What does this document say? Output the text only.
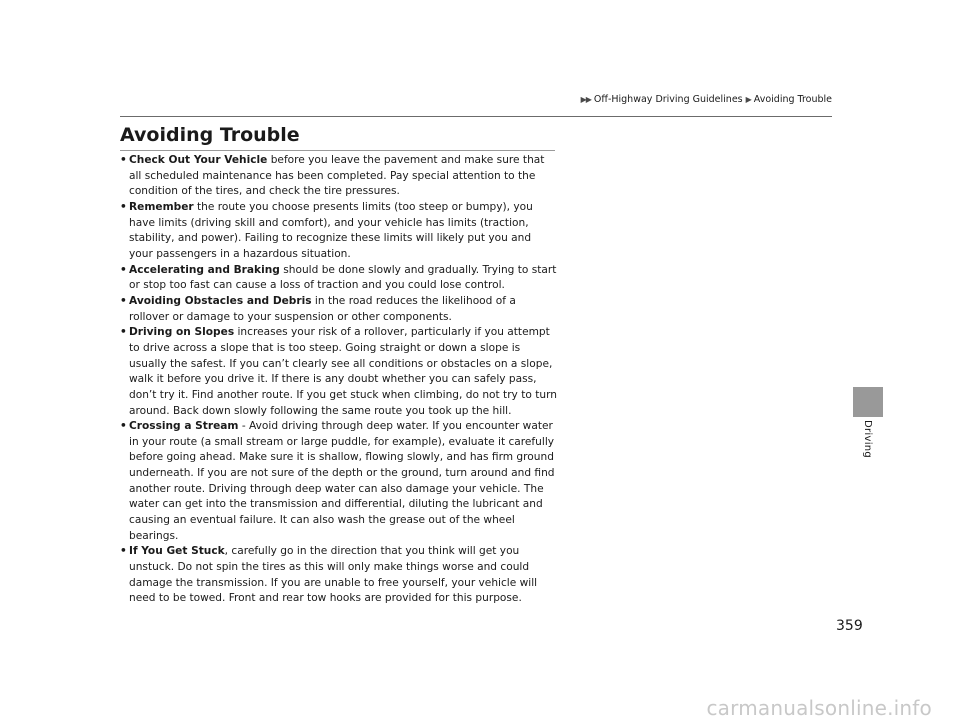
▶▶ Off-Highway Driving Guidelines ▶ Avoiding Trouble
Avoiding Trouble
• Check Out Your Vehicle before you leave the pavement and make sure that all scheduled maintenance has been completed. Pay special attention to the condition of the tires, and check the tire pressures.
• Remember the route you choose presents limits (too steep or bumpy), you have limits (driving skill and comfort), and your vehicle has limits (traction, stability, and power). Failing to recognize these limits will likely put you and your passengers in a hazardous situation.
• Accelerating and Braking should be done slowly and gradually. Trying to start or stop too fast can cause a loss of traction and you could lose control.
• Avoiding Obstacles and Debris in the road reduces the likelihood of a rollover or damage to your suspension or other components.
• Driving on Slopes increases your risk of a rollover, particularly if you attempt to drive across a slope that is too steep. Going straight or down a slope is usually the safest. If you can’t clearly see all conditions or obstacles on a slope, walk it before you drive it. If there is any doubt whether you can safely pass, don’t try it. Find another route. If you get stuck when climbing, do not try to turn around. Back down slowly following the same route you took up the hill.
• Crossing a Stream - Avoid driving through deep water. If you encounter water in your route (a small stream or large puddle, for example), evaluate it carefully before going ahead. Make sure it is shallow, flowing slowly, and has firm ground underneath. If you are not sure of the depth or the ground, turn around and find another route. Driving through deep water can also damage your vehicle. The water can get into the transmission and differential, diluting the lubricant and causing an eventual failure. It can also wash the grease out of the wheel bearings.
• If You Get Stuck, carefully go in the direction that you think will get you unstuck. Do not spin the tires as this will only make things worse and could damage the transmission. If you are unable to free yourself, your vehicle will need to be towed. Front and rear tow hooks are provided for this purpose.
Driving
359
carmanualsonline.info
